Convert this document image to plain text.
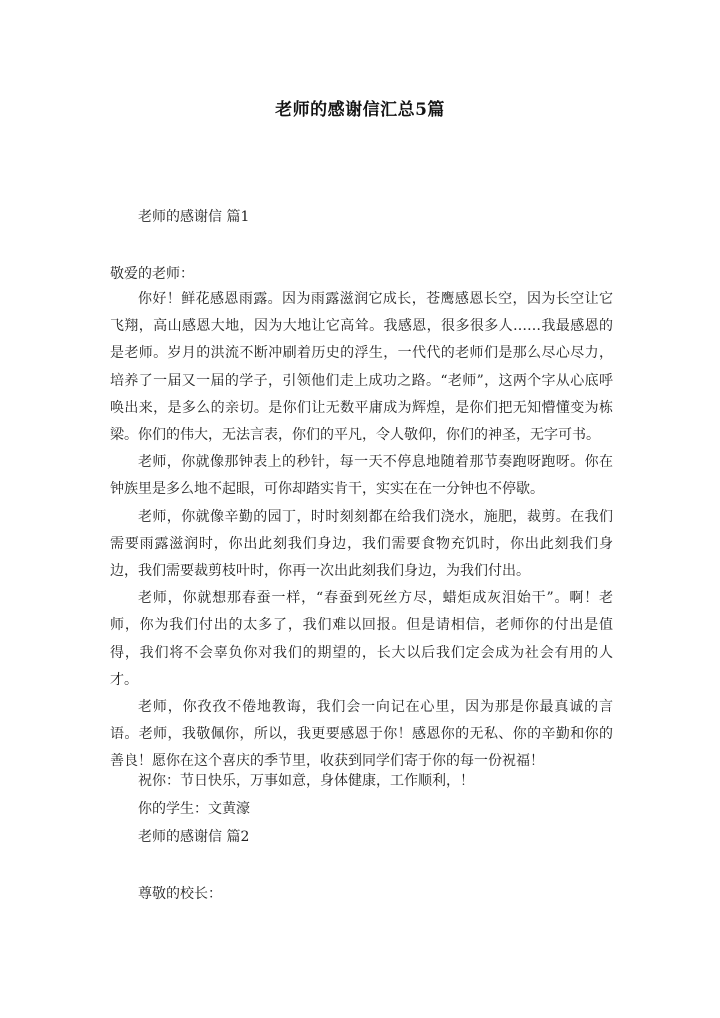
老师的感谢信汇总5篇
老师的感谢信 篇1
敬爱的老师：

你好！鲜花感恩雨露。因为雨露滋润它成长，苍鹰感恩长空，因为长空让它飞翔，高山感恩大地，因为大地让它高耸。我感恩，很多很多人……我最感恩的是老师。岁月的洪流不断冲刷着历史的浮生，一代代的老师们是那么尽心尽力，培养了一届又一届的学子，引领他们走上成功之路。“老师”，这两个字从心底呼唤出来，是多么的亲切。是你们让无数平庸成为辉煌，是你们把无知懵懂变为栋梁。你们的伟大，无法言表，你们的平凡，令人敬仰，你们的神圣，无字可书。

老师，你就像那钟表上的秒针，每一天不停息地随着那节奏跑呀跑呀。你在钟族里是多么地不起眼，可你却踏实肯干，实实在在一分钟也不停歇。

老师，你就像辛勤的园丁，时时刻刻都在给我们浇水，施肥，裁剪。在我们需要雨露滋润时，你出此刻我们身边，我们需要食物充饥时，你出此刻我们身边，我们需要裁剪枝叶时，你再一次出此刻我们身边，为我们付出。

老师，你就想那春蚕一样，“春蚕到死丝方尽，蜡炬成灰泪始干”。啊！老师，你为我们付出的太多了，我们难以回报。但是请相信，老师你的付出是值得，我们将不会辜负你对我们的期望的，长大以后我们定会成为社会有用的人才。

老师，你孜孜不倦地教诲，我们会一向记在心里，因为那是你最真诚的言语。老师，我敬佩你，所以，我更要感恩于你！感恩你的无私、你的辛勤和你的善良！愿你在这个喜庆的季节里，收获到同学们寄于你的每一份祝福！

祝你：节日快乐，万事如意，身体健康，工作顺利，！
你的学生：文黄濠
老师的感谢信 篇2
尊敬的校长：
